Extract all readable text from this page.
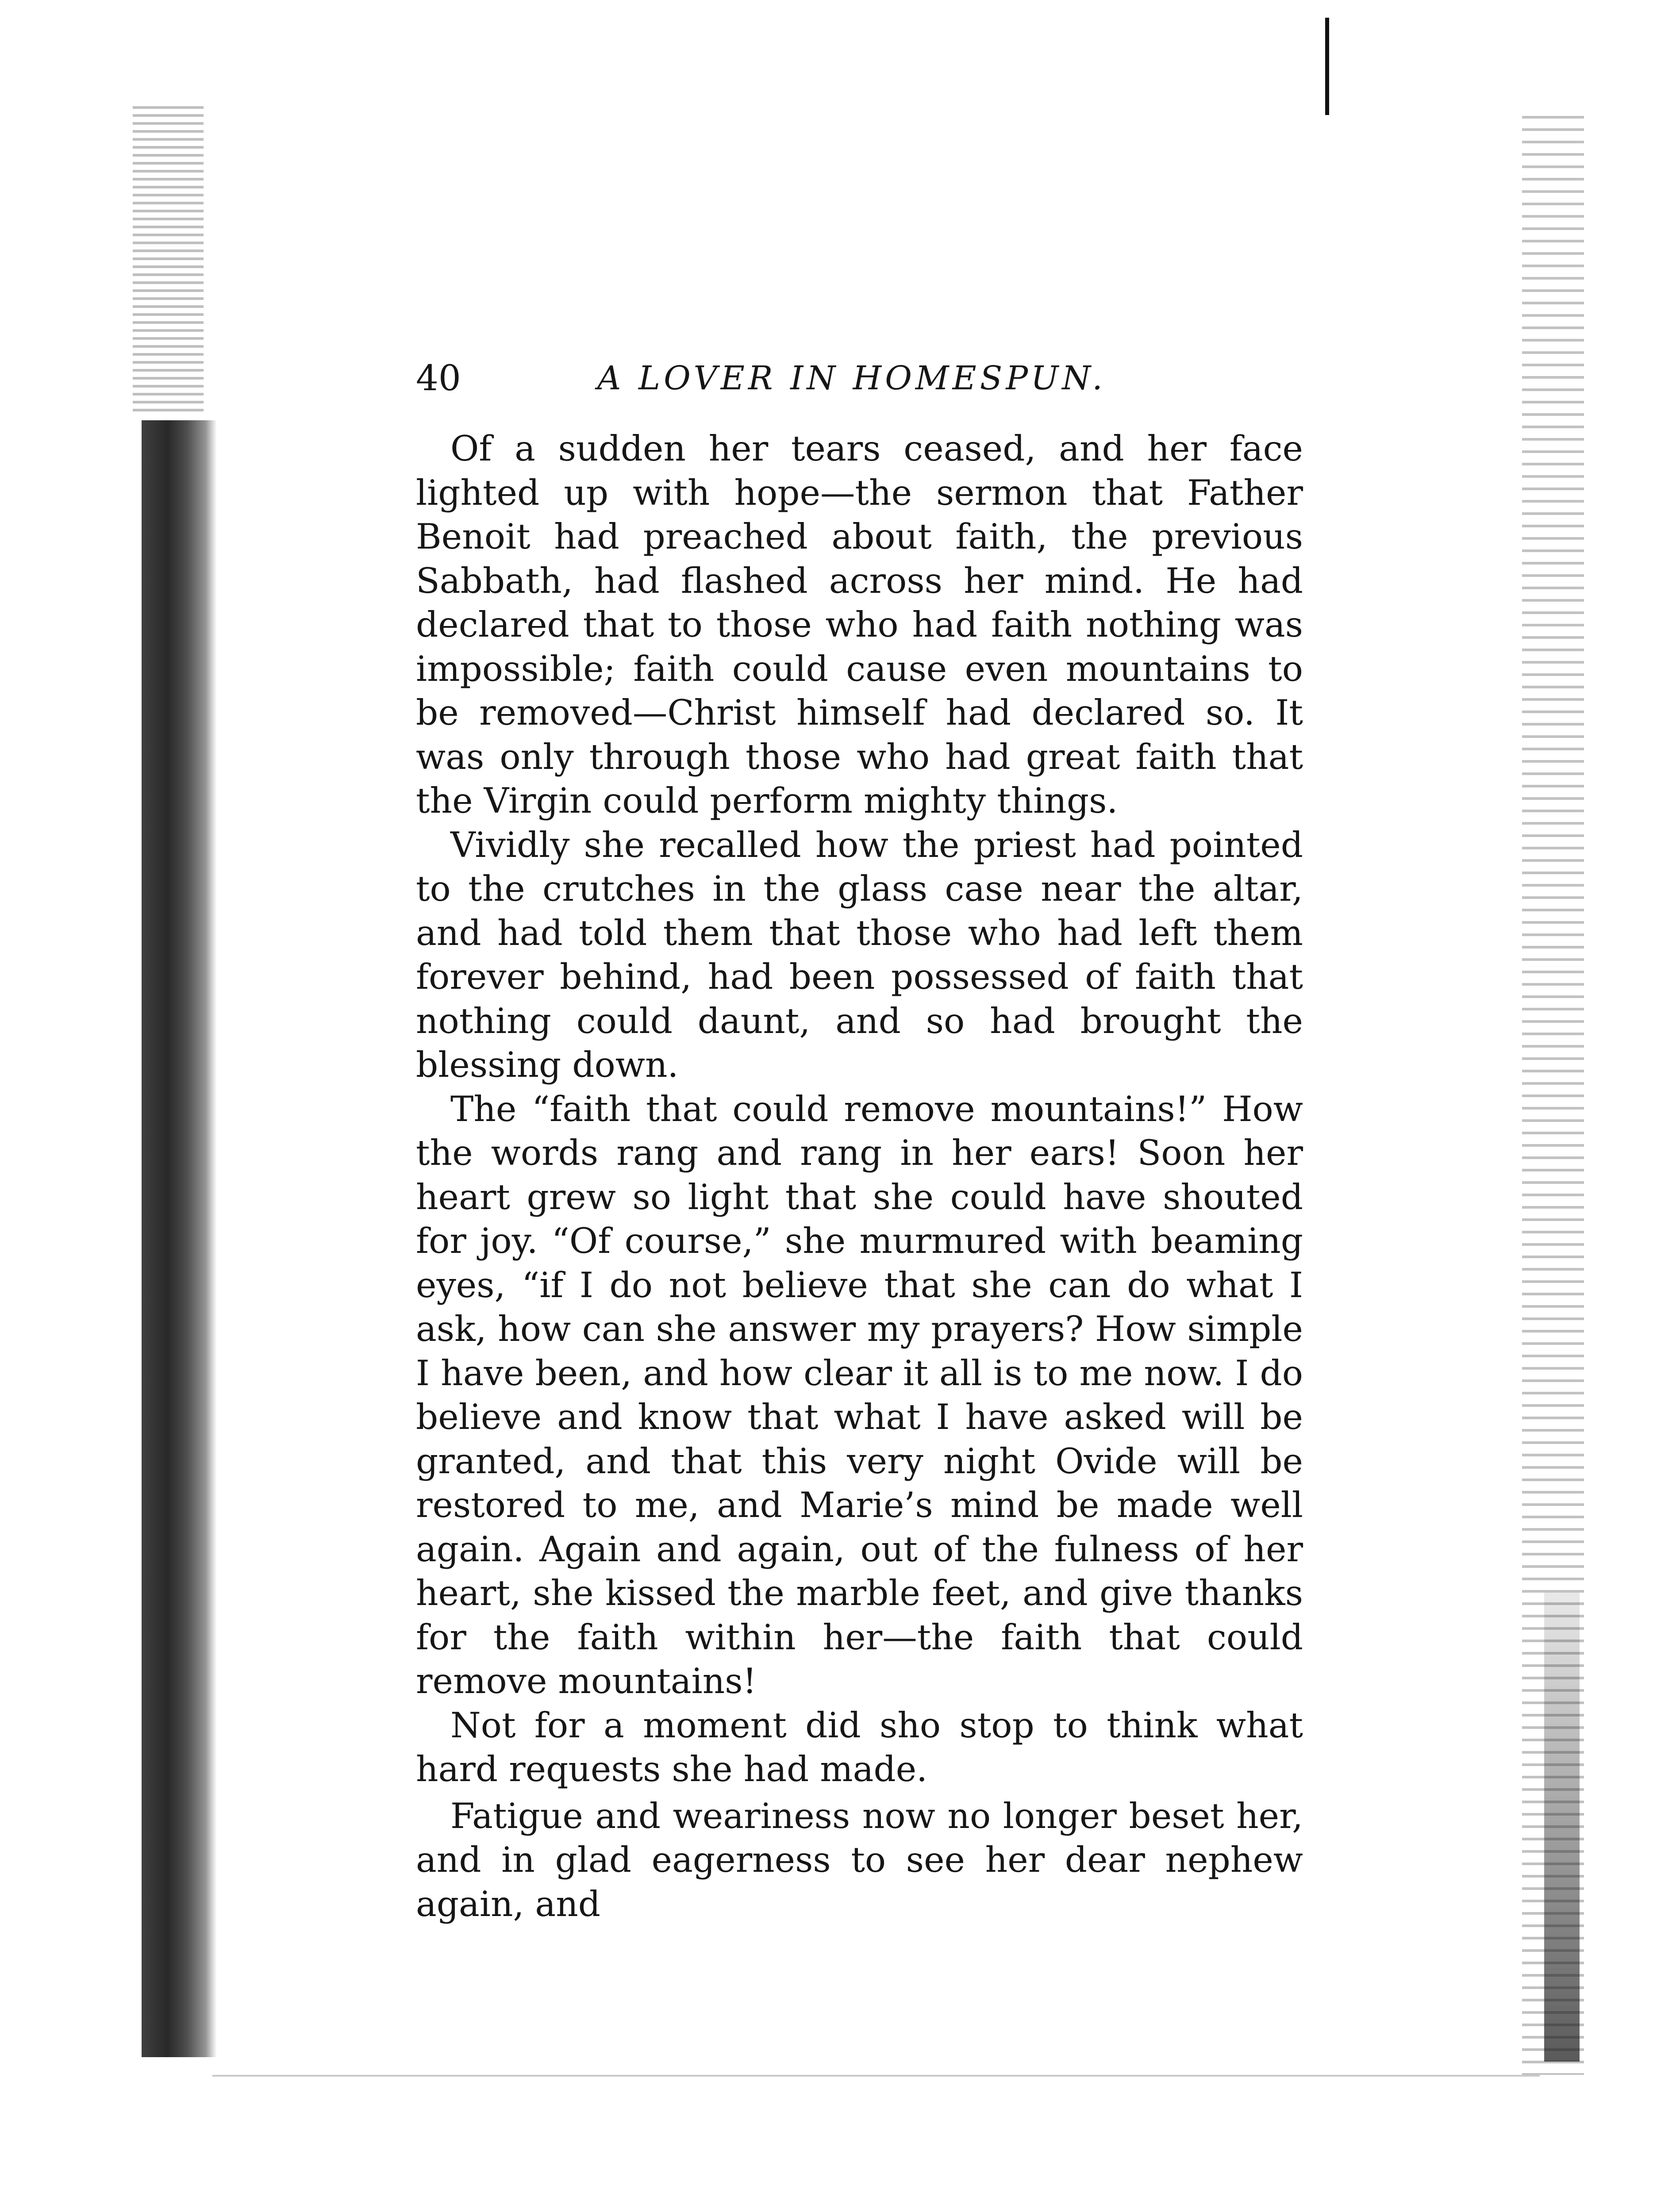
40	A LOVER IN HOMESPUN.

Of a sudden her tears ceased, and her face lighted up with hope—the sermon that Father Benoit had preached about faith, the previous Sabbath, had flashed across her mind. He had declared that to those who had faith nothing was impossible; faith could cause even mountains to be removed—Christ himself had declared so. It was only through those who had great faith that the Virgin could perform mighty things.

Vividly she recalled how the priest had pointed to the crutches in the glass case near the altar, and had told them that those who had left them forever behind, had been possessed of faith that nothing could daunt, and so had brought the blessing down.

The “faith that could remove mountains!” How the words rang and rang in her ears! Soon her heart grew so light that she could have shouted for joy. “Of course,” she murmured with beaming eyes, “if I do not believe that she can do what I ask, how can she answer my prayers? How simple I have been, and how clear it all is to me now. I do believe and know that what I have asked will be granted, and that this very night Ovide will be restored to me, and Marie’s mind be made well again. Again and again, out of the fulness of her heart, she kissed the marble feet, and give thanks for the faith within her—the faith that could remove mountains!

Not for a moment did sho stop to think what hard requests she had made.

Fatigue and weariness now no longer beset her, and in glad eagerness to see her dear nephew again, and
